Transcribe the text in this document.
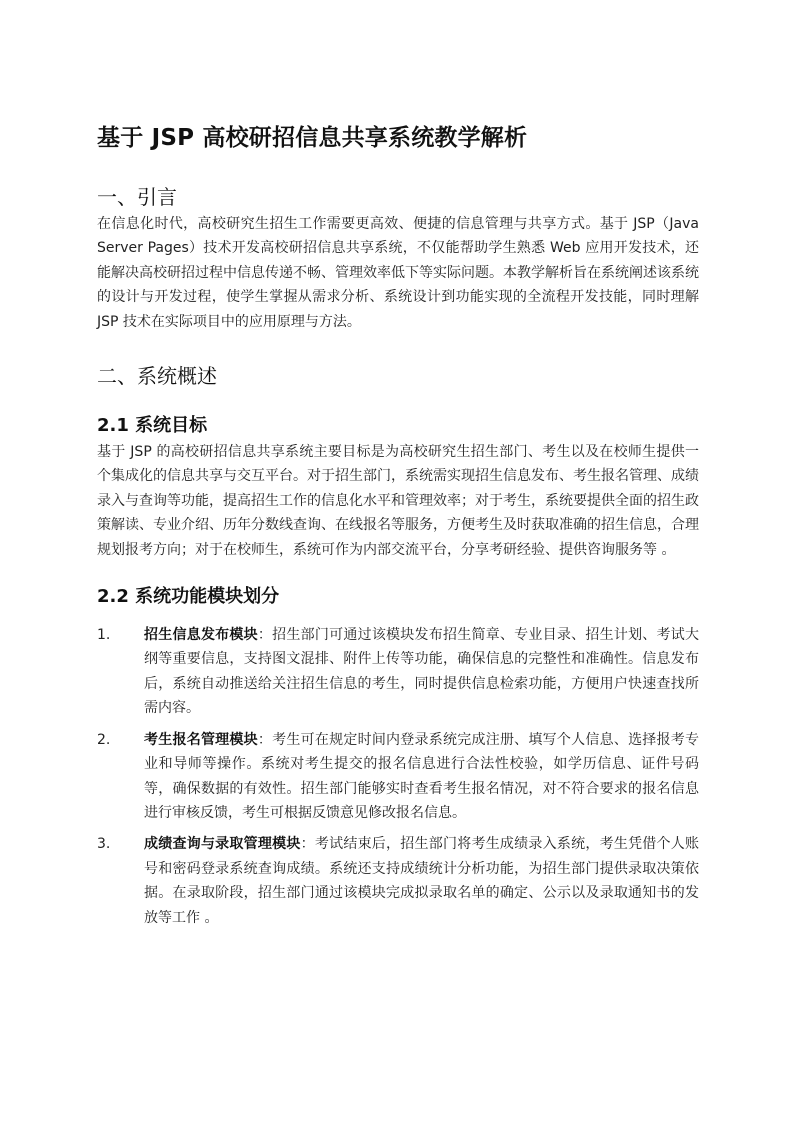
基于 JSP 高校研招信息共享系统教学解析
一、引言

在信息化时代，高校研究生招生工作需要更高效、便捷的信息管理与共享方式。基于 JSP（Java Server Pages）技术开发高校研招信息共享系统，不仅能帮助学生熟悉 Web 应用开发技术，还能解决高校研招过程中信息传递不畅、管理效率低下等实际问题。本教学解析旨在系统阐述该系统的设计与开发过程，使学生掌握从需求分析、系统设计到功能实现的全流程开发技能，同时理解 JSP 技术在实际项目中的应用原理与方法。

二、系统概述
2.1 系统目标

基于 JSP 的高校研招信息共享系统主要目标是为高校研究生招生部门、考生以及在校师生提供一个集成化的信息共享与交互平台。对于招生部门，系统需实现招生信息发布、考生报名管理、成绩录入与查询等功能，提高招生工作的信息化水平和管理效率；对于考生，系统要提供全面的招生政策解读、专业介绍、历年分数线查询、在线报名等服务，方便考生及时获取准确的招生信息，合理规划报考方向；对于在校师生，系统可作为内部交流平台，分享考研经验、提供咨询服务等 。

2.2 系统功能模块划分
1. 招生信息发布模块：招生部门可通过该模块发布招生简章、专业目录、招生计划、考试大纲等重要信息，支持图文混排、附件上传等功能，确保信息的完整性和准确性。信息发布后，系统自动推送给关注招生信息的考生，同时提供信息检索功能，方便用户快速查找所需内容。
2. 考生报名管理模块：考生可在规定时间内登录系统完成注册、填写个人信息、选择报考专业和导师等操作。系统对考生提交的报名信息进行合法性校验，如学历信息、证件号码等，确保数据的有效性。招生部门能够实时查看考生报名情况，对不符合要求的报名信息进行审核反馈，考生可根据反馈意见修改报名信息。
3. 成绩查询与录取管理模块：考试结束后，招生部门将考生成绩录入系统，考生凭借个人账号和密码登录系统查询成绩。系统还支持成绩统计分析功能，为招生部门提供录取决策依据。在录取阶段，招生部门通过该模块完成拟录取名单的确定、公示以及录取通知书的发放等工作 。
